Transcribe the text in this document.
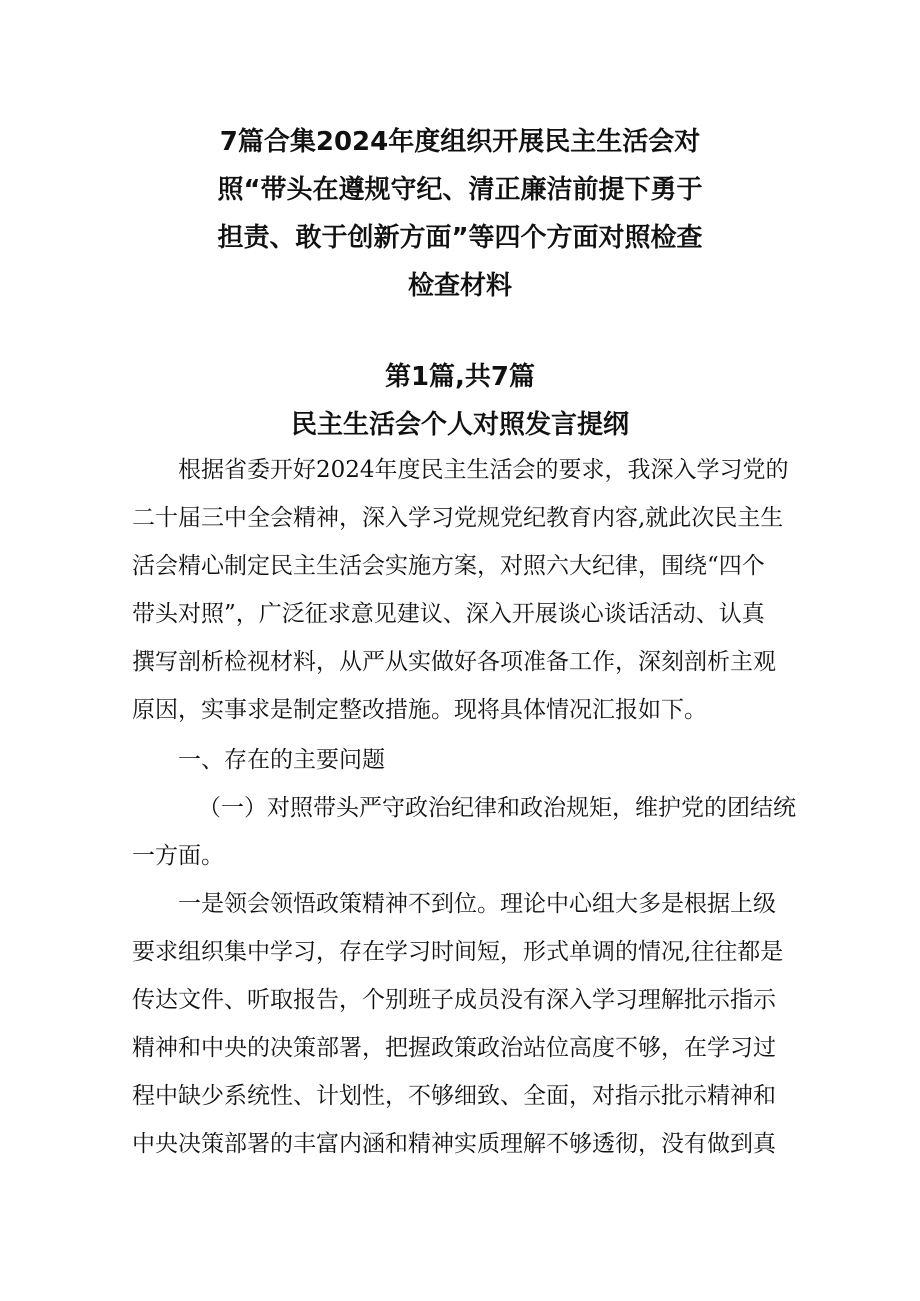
7篇合集2024年度组织开展民主生活会对
照“带头在遵规守纪、清正廉洁前提下勇于
担责、敢于创新方面”等四个方面对照检查
检查材料
第1篇,共7篇
民主生活会个人对照发言提纲
根据省委开好2024年度民主生活会的要求，我深入学习党的
二十届三中全会精神，深入学习党规党纪教育内容,就此次民主生
活会精心制定民主生活会实施方案，对照六大纪律，围绕“四个
带头对照”，广泛征求意见建议、深入开展谈心谈话活动、认真
撰写剖析检视材料，从严从实做好各项准备工作，深刻剖析主观
原因，实事求是制定整改措施。现将具体情况汇报如下。
一、存在的主要问题
（一）对照带头严守政治纪律和政治规矩，维护党的团结统
一方面。
一是领会领悟政策精神不到位。理论中心组大多是根据上级
要求组织集中学习，存在学习时间短，形式单调的情况,往往都是
传达文件、听取报告，个别班子成员没有深入学习理解批示指示
精神和中央的决策部署，把握政策政治站位高度不够，在学习过
程中缺少系统性、计划性，不够细致、全面，对指示批示精神和
中央决策部署的丰富内涵和精神实质理解不够透彻，没有做到真
